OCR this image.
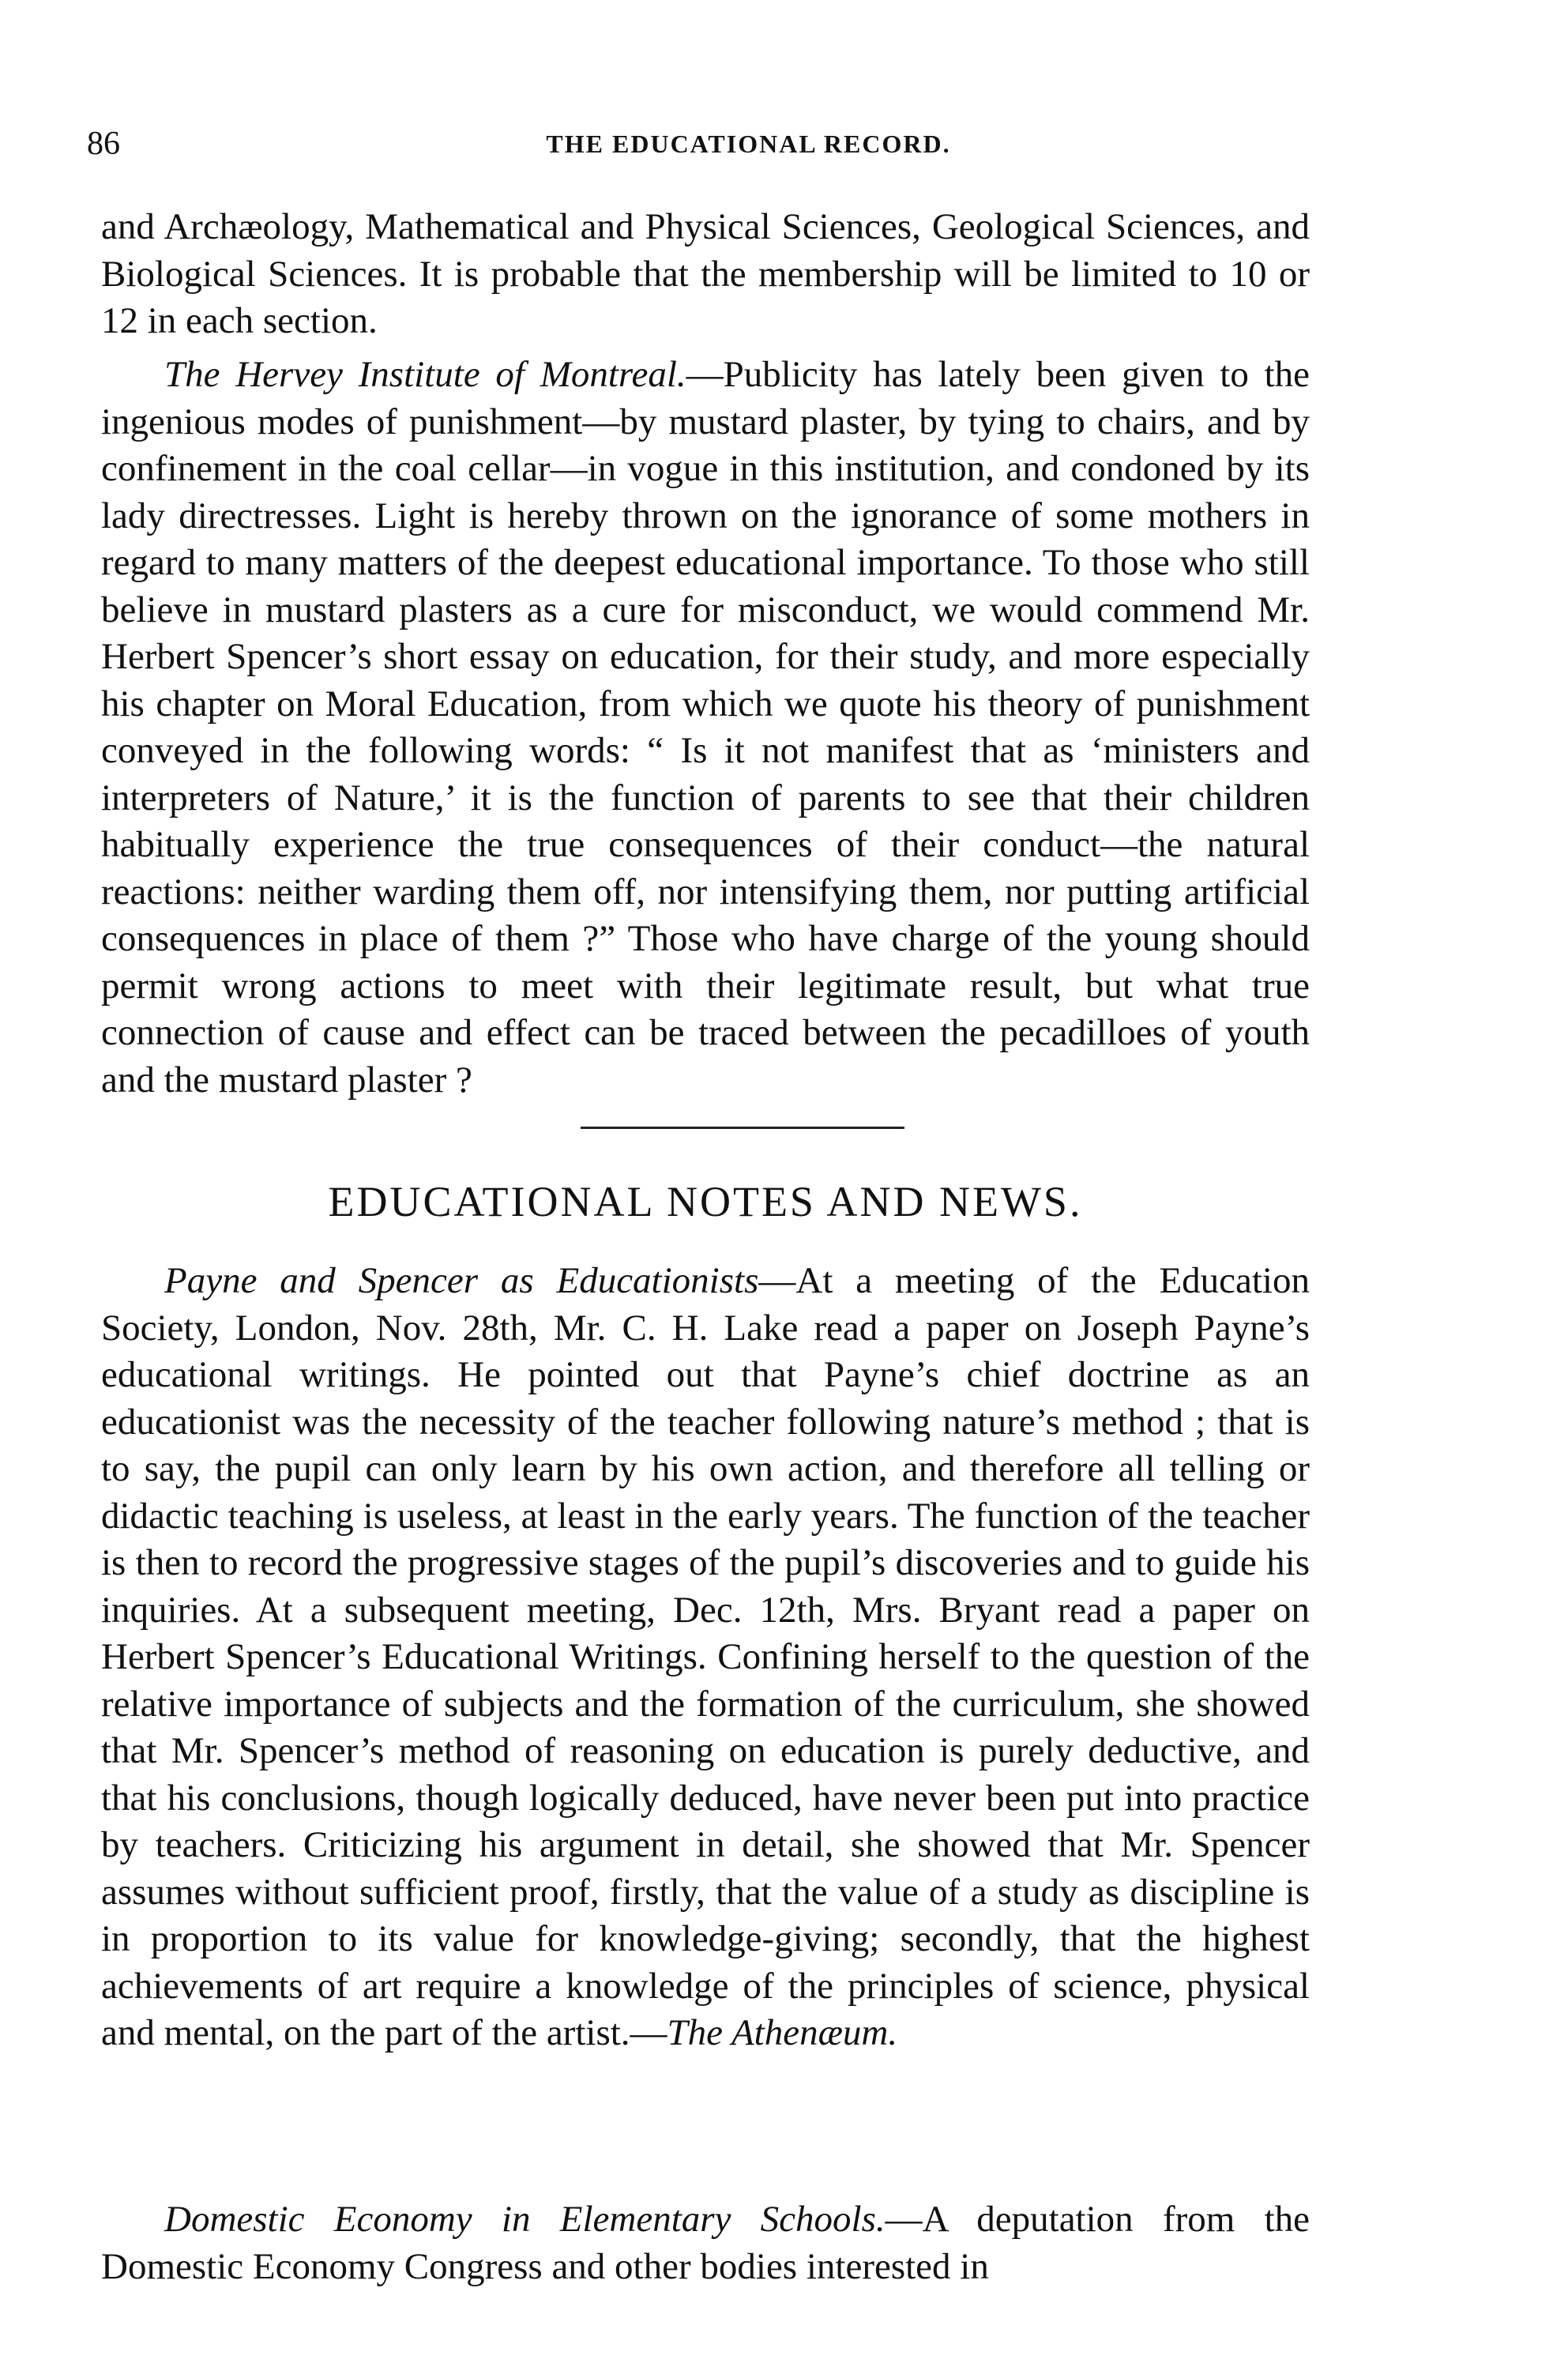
86	THE EDUCATIONAL RECORD.

and Archæology, Mathematical and Physical Sciences, Geological Sciences, and Biological Sciences. It is probable that the membership will be limited to 10 or 12 in each section.

The Hervey Institute of Montreal.—Publicity has lately been given to the ingenious modes of punishment—by mustard plaster, by tying to chairs, and by confinement in the coal cellar—in vogue in this institution, and condoned by its lady directresses. Light is hereby thrown on the ignorance of some mothers in regard to many matters of the deepest educational importance. To those who still believe in mustard plasters as a cure for misconduct, we would commend Mr. Herbert Spencer’s short essay on education, for their study, and more especially his chapter on Moral Education, from which we quote his theory of punishment conveyed in the following words: “ Is it not manifest that as ‘ministers and interpreters of Nature,’ it is the function of parents to see that their children habitually experience the true consequences of their conduct—the natural reactions: neither warding them off, nor intensifying them, nor putting artificial consequences in place of them ?” Those who have charge of the young should permit wrong actions to meet with their legitimate result, but what true connection of cause and effect can be traced between the pecadilloes of youth and the mustard plaster ?

EDUCATIONAL NOTES AND NEWS.

Payne and Spencer as Educationists—At a meeting of the Education Society, London, Nov. 28th, Mr. C. H. Lake read a paper on Joseph Payne’s educational writings. He pointed out that Payne’s chief doctrine as an educationist was the necessity of the teacher following nature’s method ; that is to say, the pupil can only learn by his own action, and therefore all telling or didactic teaching is useless, at least in the early years. The function of the teacher is then to record the progressive stages of the pupil’s discoveries and to guide his inquiries. At a subsequent meeting, Dec. 12th, Mrs. Bryant read a paper on Herbert Spencer’s Educational Writings. Confining herself to the question of the relative importance of subjects and the formation of the curriculum, she showed that Mr. Spencer’s method of reasoning on education is purely deductive, and that his conclusions, though logically deduced, have never been put into practice by teachers. Criticizing his argument in detail, she showed that Mr. Spencer assumes without sufficient proof, firstly, that the value of a study as discipline is in proportion to its value for knowledge-giving; secondly, that the highest achievements of art require a knowledge of the principles of science, physical and mental, on the part of the artist.—The Athenæum.

Domestic Economy in Elementary Schools.—A deputation from the Domestic Economy Congress and other bodies interested in
